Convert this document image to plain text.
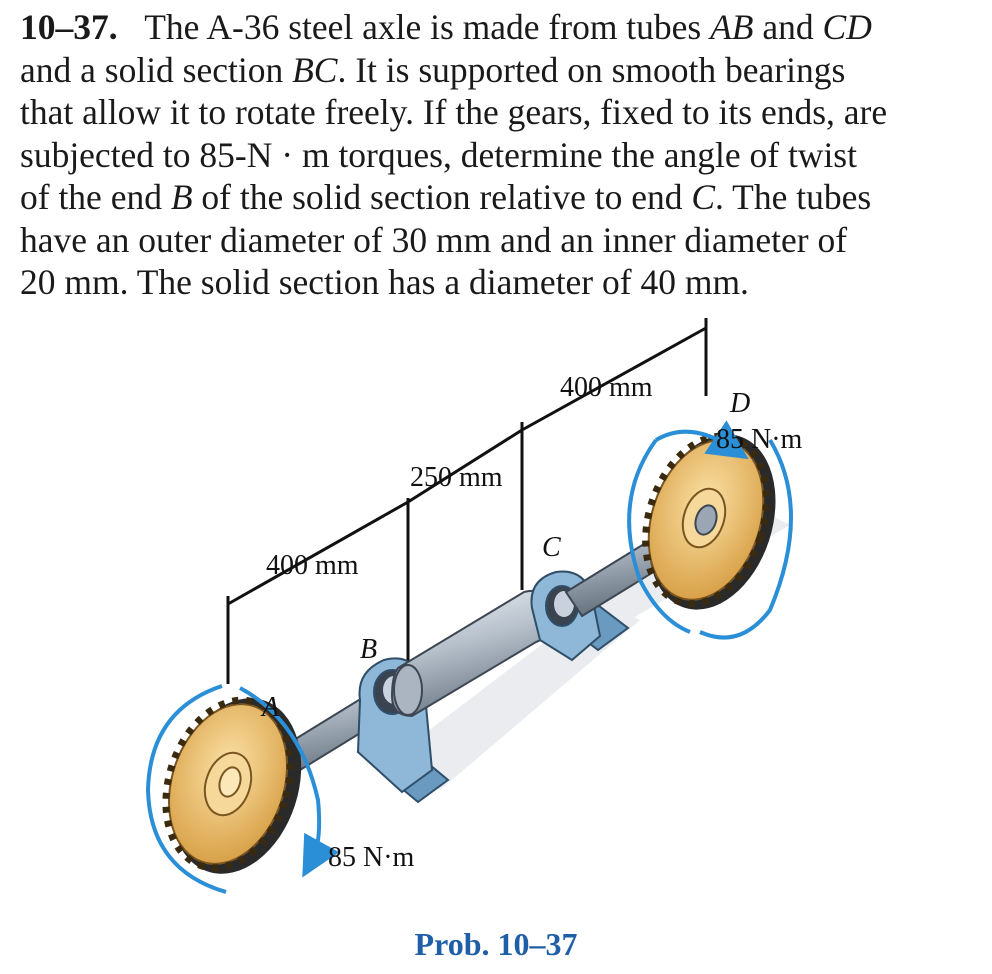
10–37. The A-36 steel axle is made from tubes AB and CD
and a solid section BC. It is supported on smooth bearings
that allow it to rotate freely. If the gears, fixed to its ends, are
subjected to 85-N · m torques, determine the angle of twist
of the end B of the solid section relative to end C. The tubes
have an outer diameter of 30 mm and an inner diameter of
20 mm. The solid section has a diameter of 40 mm.
400 mm
250 mm
400 mm
D
85 N·m
C
B
A
85 N·m
Prob. 10–37
